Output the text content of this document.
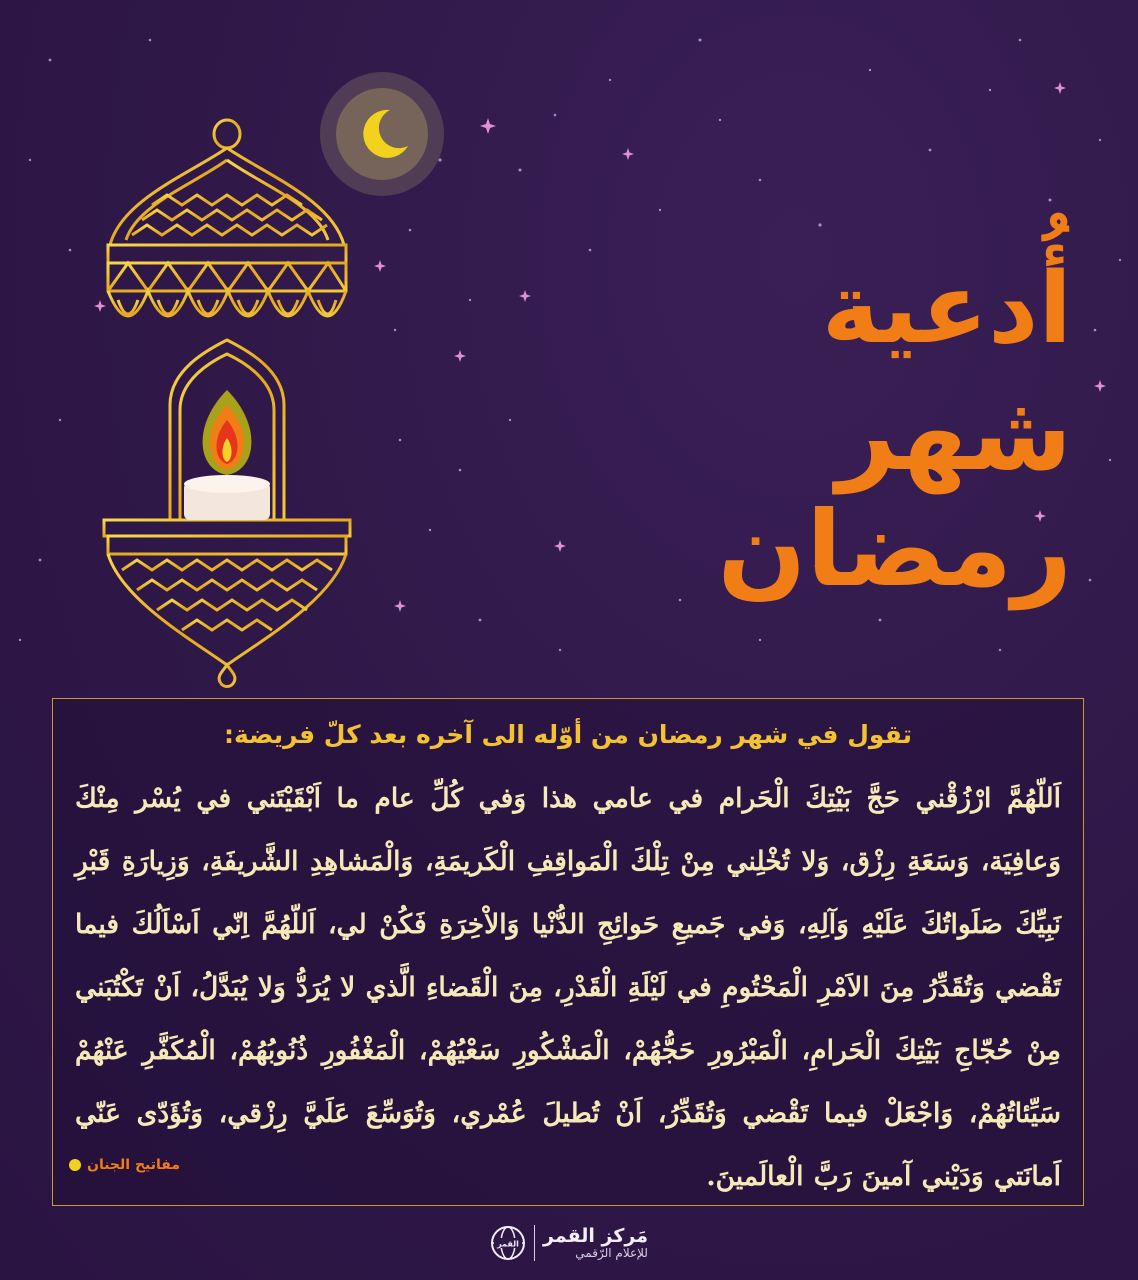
أُدعية
شهر رمضان
تقول في شهر رمضان من أوّله الى آخره بعد كلّ فريضة:
اَللّهُمَّ ارْزُقْني حَجَّ بَيْتِكَ الْحَرام في عامي هذا وَفي كُلِّ عام ما اَبْقَيْتَني في يُسْر مِنْكَ وَعافِيَة، وَسَعَةِ رِزْق، وَلا تُخْلِني مِنْ تِلْكَ الْمَواقِفِ الْكَريمَةِ، وَالْمَشاهِدِ الشَّريفَةِ، وَزِيارَةِ قَبْرِ نَبِيِّكَ صَلَواتُكَ عَلَيْهِ وَآلِهِ، وَفي جَميعِ حَوائِجِ الدُّنْيا وَالاْخِرَةِ فَكُنْ لي، اَللّهُمَّ اِنّي اَسْاَلُكَ فيما تَقْضي وَتُقَدِّرُ مِنَ الاَمْرِ الْمَحْتُومِ في لَيْلَةِ الْقَدْرِ، مِنَ الْقَضاءِ الَّذي لا يُرَدُّ وَلا يُبَدَّلُ، اَنْ تَكْتُبَني مِنْ حُجّاجِ بَيْتِكَ الْحَرامِ، الْمَبْرُورِ حَجُّهُمْ، الْمَشْكُورِ سَعْيُهُمْ، الْمَغْفُورِ ذُنُوبُهُمْ، الْمُكَفَّرِ عَنْهُمْ سَيِّئاتُهُمْ، وَاجْعَلْ فيما تَقْضي وَتُقَدِّرُ، اَنْ تُطيلَ عُمْري، وَتُوَسِّعَ عَلَيَّ رِزْقي، وَتُؤَدّى عَنّي اَمانَتي وَدَيْني آمينَ رَبَّ الْعالَمينَ.
مفاتيح الجنان
القمر مَركز القمر
للإعلام الرّقمي
